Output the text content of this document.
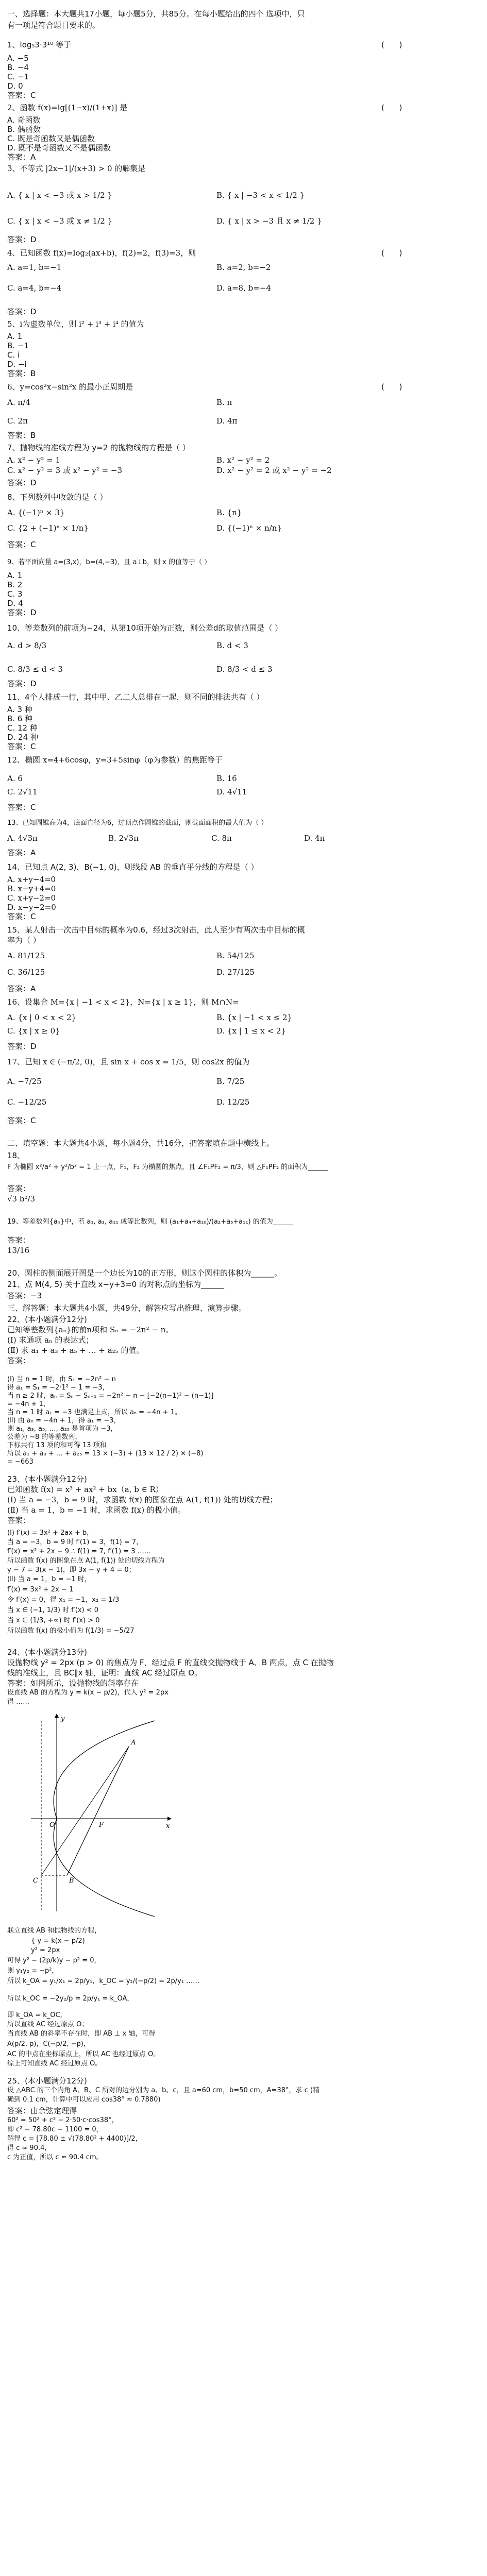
一、选择题：本大题共17小题，每小题5分，共85分。在每小题给出的四个 选项中，只
有一项是符合题目要求的。
1、log₅3·3¹⁰ 等于	(      )
A. −5
B. −4
C. −1
D. 0
答案：C
2、函数 f(x)=lg[(1−x)/(1+x)] 是	(      )
A. 奇函数
B. 偶函数
C. 既是奇函数又是偶函数
D. 既不是奇函数又不是偶函数
答案：A
3、不等式 |2x−1|/(x+3) > 0 的解集是
A. { x | x < −3 或 x > 1/2 }	B. { x | −3 < x < 1/2 }
C. { x | x < −3 或 x ≠ 1/2 }	D. { x | x > −3 且 x ≠ 1/2 }
答案：D
4、已知函数 f(x)=log₂(ax+b)，f(2)=2，f(3)=3，则	(      )
A. a=1, b=−1	B. a=2, b=−2
C. a=4, b=−4	D. a=8, b=−4
答案：D
5、i为虚数单位，则 i² + i³ + i⁴ 的值为
A. 1
B. −1
C. i
D. −i
答案：B
6、y=cos²x−sin²x 的最小正周期是	(      )
A. π/4	B. π
C. 2π	D. 4π
答案：B
7、抛物线的准线方程为 y=2 的抛物线的方程是（ ）
A. x² − y² = 1	B. x² − y² = 2
C. x² − y² = 3 或 x² − y² = −3	D. x² − y² = 2 或 x² − y² = −2
答案：D
8、下列数列中收敛的是（ ）
A. {(−1)ⁿ × 3}	B. {n}
C. {2 + (−1)ⁿ × 1/n}	D. {(−1)ⁿ × n/n}
答案：C
9、若平面向量 a=(3,x)，b=(4,−3)，且 a⊥b，则 x 的值等于（ ）
A. 1
B. 2
C. 3
D. 4
答案：D
10、等差数列的前项为−24，从第10项开始为正数，则公差d的取值范围是（ ）
A. d > 8/3	B. d < 3
C. 8/3 ≤ d < 3	D. 8/3 < d ≤ 3
答案：D
11、4个人排成一行，其中甲、乙二人总排在一起，则不同的排法共有（ ）
A. 3 种
B. 6 种
C. 12 种
D. 24 种
答案：C
12、椭圆 x=4+6cosφ，y=3+5sinφ（φ为参数）的焦距等于
A. 6	B. 16
C. 2√11	D. 4√11
答案：C
13、已知圆锥高为4，底面直径为6，过顶点作圆锥的截面，则截面面积的最大值为（ ）
A. 4√3π	B. 2√3π	C. 8π	D. 4π
答案：A
14、已知点 A(2, 3)，B(−1, 0)，则线段 AB 的垂直平分线的方程是（ ）
A. x+y−4=0
B. x−y+4=0
C. x+y−2=0
D. x−y−2=0
答案：C
15、某人射击一次击中目标的概率为0.6，经过3次射击，此人至少有两次击中目标的概
率为（ ）
A. 81/125	B. 54/125
C. 36/125	D. 27/125
答案：A
16、设集合 M={x | −1 < x < 2}，N={x | x ≥ 1}，则 M∩N=
A. {x | 0 < x < 2}	B. {x | −1 < x ≤ 2}
C. {x | x ≥ 0}	D. {x | 1 ≤ x < 2}
答案：D
17、已知 x ∈ (−π/2, 0)，且 sin x + cos x = 1/5，则 cos2x 的值为
A. −7/25	B. 7/25
C. −12/25	D. 12/25
答案：C
二、填空题：本大题共4小题，每小题4分，共16分，把答案填在题中横线上。
18、
F 为椭圆 x²/a² + y²/b² = 1 上一点，F₁，F₂ 为椭圆的焦点，且 ∠F₁PF₂ = π/3，则 △F₁PF₂ 的面积为______
答案：
√3 b²/3
19、等差数列{aₙ}中，若 a₁, a₃, a₁₁ 成等比数列，则 (a₁+a₄+a₁₀)/(a₂+a₅+a₁₁) 的值为______
答案：
13/16
20、圆柱的侧面展开图是一个边长为10的正方形，则这个圆柱的体积为______。
21、点 M(4, 5) 关于直线 x−y+3=0 的对称点的坐标为______
答案：−3
三、解答题：本大题共4小题，共49分，解答应写出推理、演算步骤。
22、(本小题满分12分)
已知等差数列{aₙ}的前n项和 Sₙ = −2n² − n。
(Ⅰ) 求通项 aₙ 的表达式；
(Ⅱ) 求 a₁ + a₃ + a₅ + … + a₂₅ 的值。
答案：
(Ⅰ) 当 n = 1 时，由 S₁ = −2n² − n
得 a₁ = S₁ = −2·1² − 1 = −3，
当 n ≥ 2 时，aₙ = Sₙ − Sₙ₋₁ = −2n² − n − [−2(n−1)² − (n−1)]
= −4n + 1，
当 n = 1 时 a₁ = −3 也满足上式，所以 aₙ = −4n + 1。
(Ⅱ) 由 aₙ = −4n + 1，得 a₁ = −3，
则 a₁, a₃, a₅, …, a₂₅ 是首项为 −3，
公差为 −8 的等差数列，
下标共有 13 项的和可得 13 项和
所以 a₁ + a₃ + … + a₂₅ = 13 × (−3) + (13 × 12 / 2) × (−8)
= −663
23、(本小题满分12分)
已知函数 f(x) = x³ + ax² + bx（a, b ∈ R）
(Ⅰ) 当 a = −3，b = 9 时，求函数 f(x) 的图象在点 A(1, f(1)) 处的切线方程；
(Ⅱ) 当 a = 1，b = −1 时，求函数 f(x) 的极小值。
答案：
(Ⅰ) f′(x) = 3x² + 2ax + b，
当 a = −3，b = 9 时 f′(1) = 3，f(1) = 7，
f′(x) = x² + 2x − 9 ∴ f(1) = 7, f′(1) = 3 ……
所以函数 f(x) 的图象在点 A(1, f(1)) 处的切线方程为
y − 7 = 3(x − 1)，即 3x − y + 4 = 0；
(Ⅱ) 当 a = 1，b = −1 时，
f′(x) = 3x² + 2x − 1
令 f′(x) = 0，得 x₁ = −1，x₂ = 1/3
当 x ∈ (−1, 1/3) 时 f′(x) < 0
当 x ∈ (1/3, +∞) 时 f′(x) > 0
所以函数 f(x) 的极小值为 f(1/3) = −5/27
24、(本小题满分13分)
设抛物线 y² = 2px (p > 0) 的焦点为 F，经过点 F 的直线交抛物线于 A、B 两点，点 C 在抛物
线的准线上，且 BC∥x 轴，证明：直线 AC 经过原点 O。
答案：如图所示，设抛物线的斜率存在
设直线 AB 的方程为 y = k(x − p/2)，代入 y² = 2px
得 ……
联立直线 AB 和抛物线的方程，
{ y = k(x − p/2)
y² = 2px
可得 y² − (2p/k)y − p² = 0，
则 y₁y₂ = −p²，
所以 k_OA = y₁/x₁ = 2p/y₁，k_OC = y₂/(−p/2) = 2p/y₁ ……
所以 k_OC = −2y₂/p = 2p/y₁ = k_OA，
即 k_OA = k_OC，
所以直线 AC 经过原点 O；
当直线 AB 的斜率不存在时，即 AB ⊥ x 轴，可得
A(p/2, p)，C(−p/2, −p)，
AC 的中点在坐标原点上，所以 AC 也经过原点 O。
综上可知直线 AC 经过原点 O。
25、(本小题满分12分)
设 △ABC 的三个内角 A、B、C 所对的边分别为 a、b、c，且 a=60 cm，b=50 cm，A=38°，求 c (精
确到 0.1 cm，计算中可以应用 cos38° ≈ 0.7880)
答案：由余弦定理得
60² = 50² + c² − 2·50·c·cos38°，
即 c² − 78.80c − 1100 = 0，
解得 c = [78.80 ± √(78.80² + 4400)]/2，
得 c ≈ 90.4，
c 为正值，所以 c ≈ 90.4 cm。
y
x
O
A
B
C
F
